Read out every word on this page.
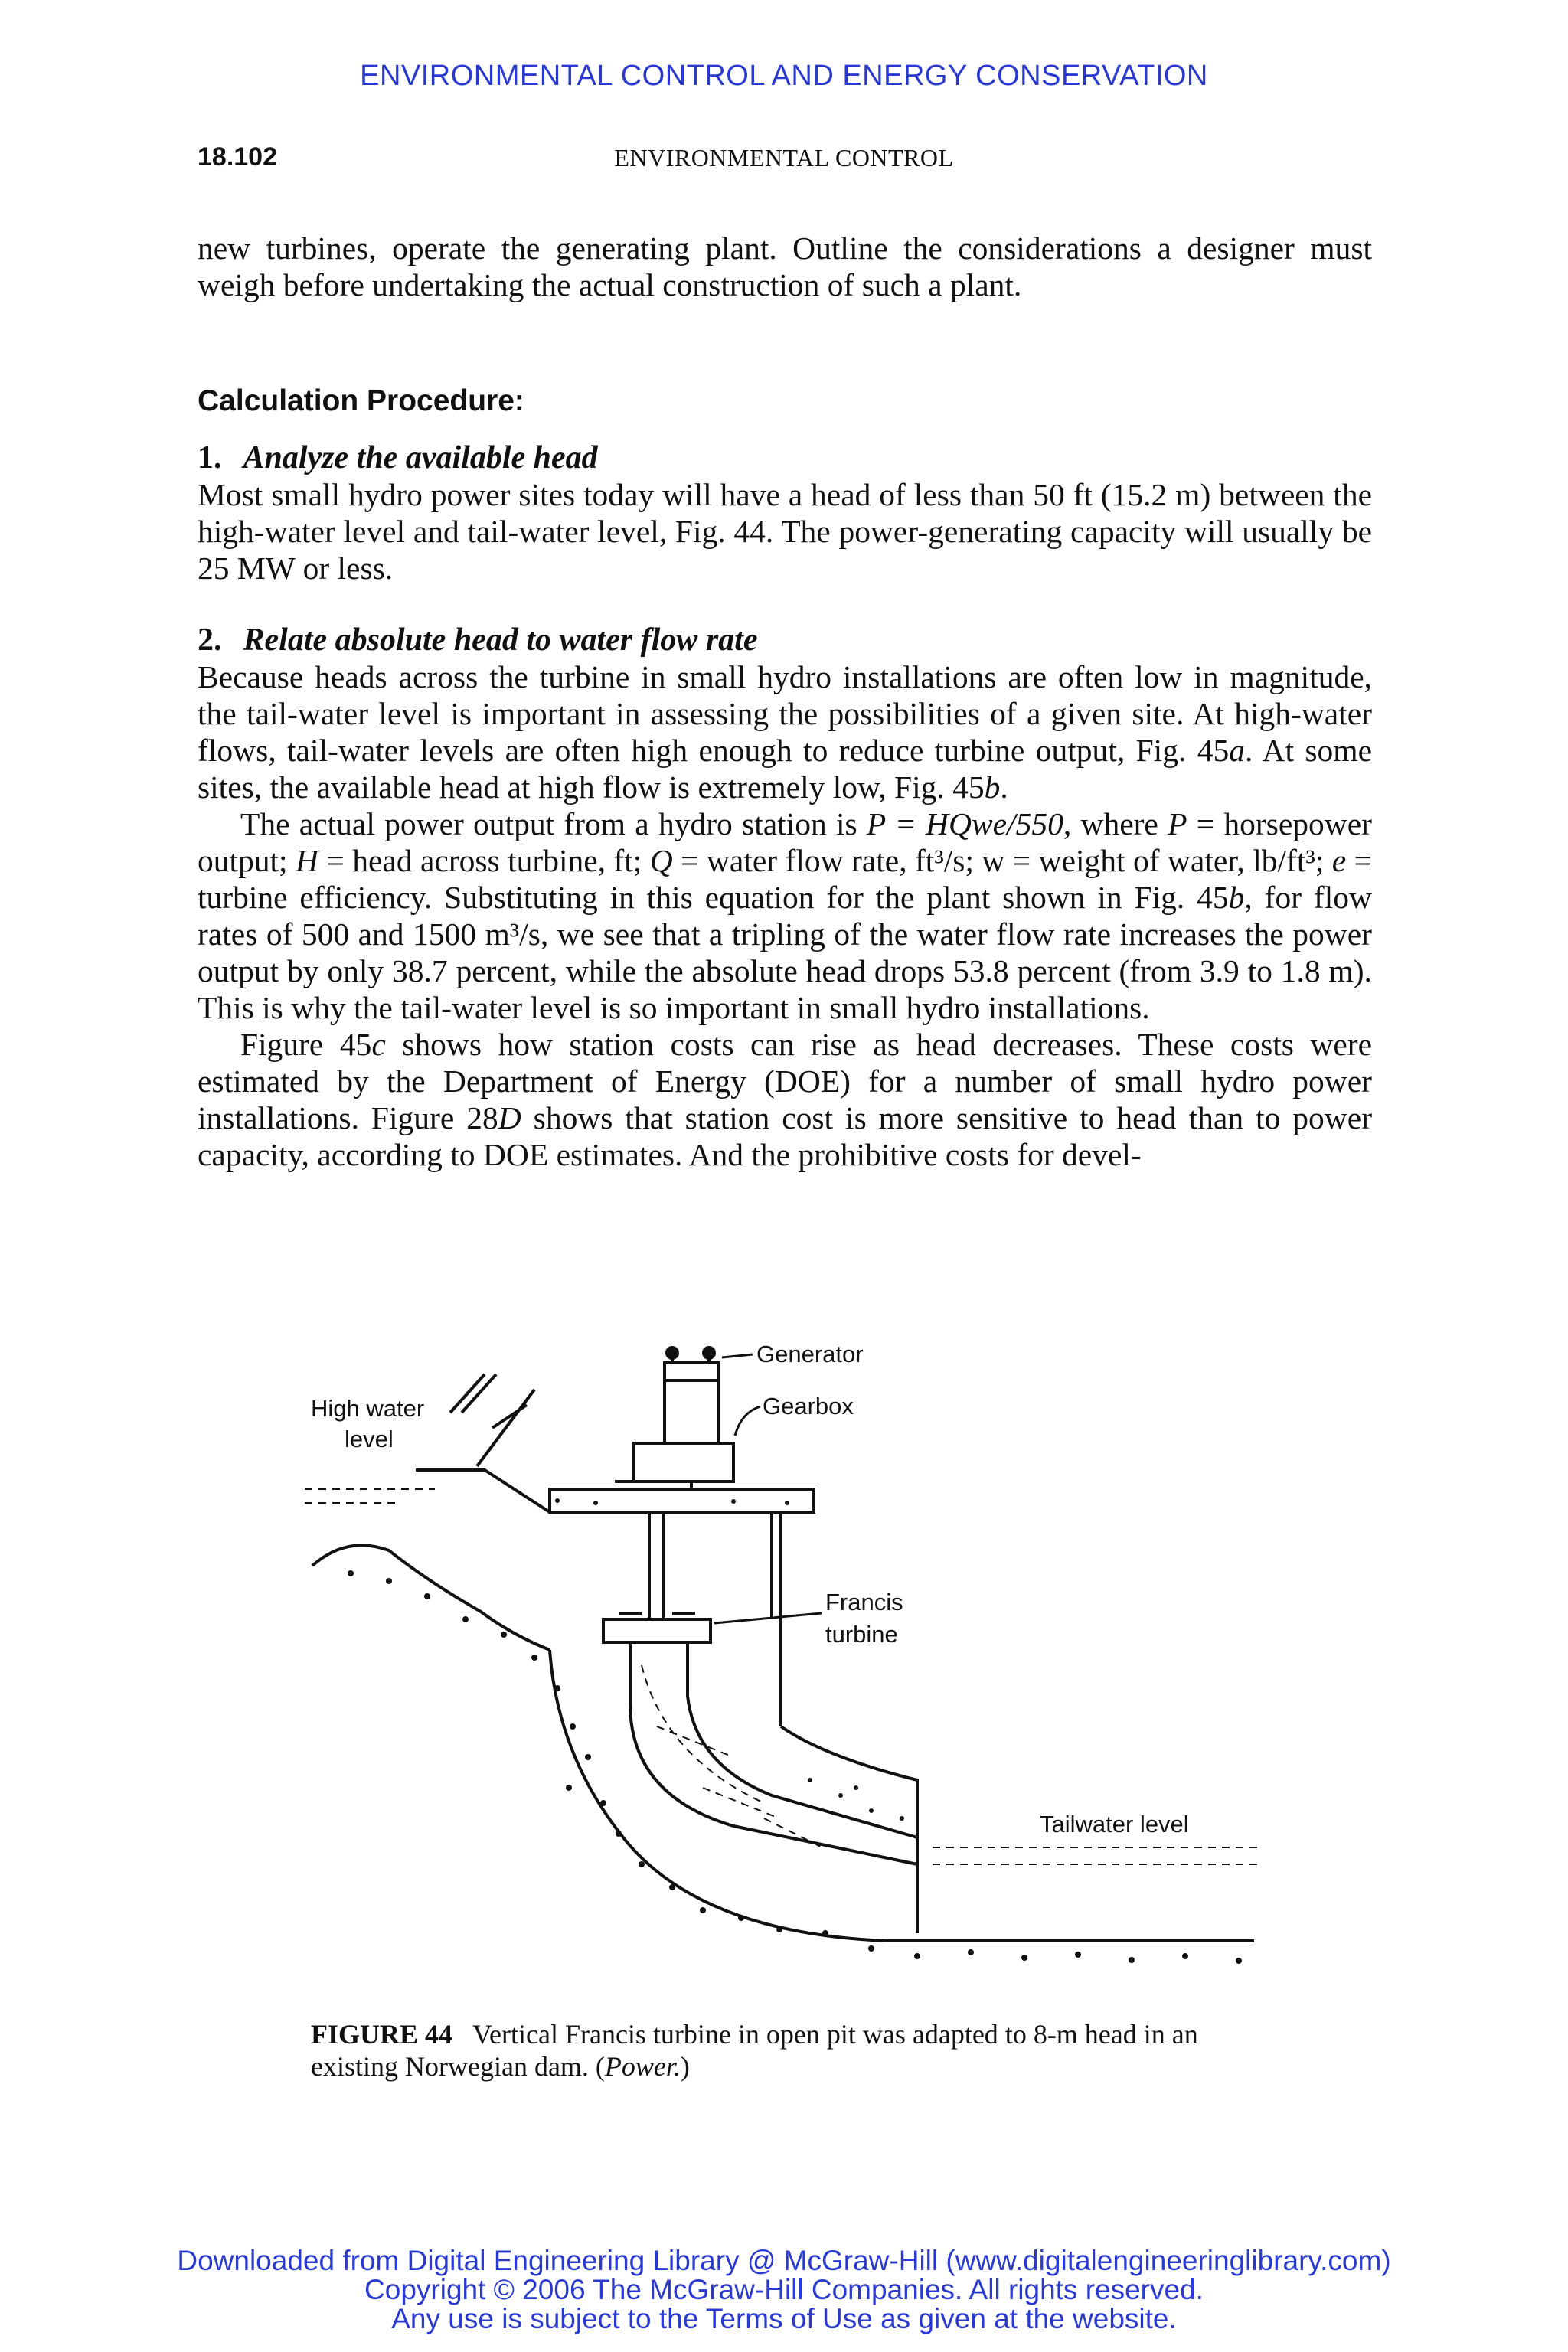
ENVIRONMENTAL CONTROL AND ENERGY CONSERVATION
18.102	ENVIRONMENTAL CONTROL

new turbines, operate the generating plant. Outline the considerations a designer must weigh before undertaking the actual construction of such a plant.

Calculation Procedure:
1. Analyze the available head

Most small hydro power sites today will have a head of less than 50 ft (15.2 m) between the high-water level and tail-water level, Fig. 44. The power-generating capacity will usually be 25 MW or less.

2. Relate absolute head to water flow rate

Because heads across the turbine in small hydro installations are often low in magnitude, the tail-water level is important in assessing the possibilities of a given site. At high-water flows, tail-water levels are often high enough to reduce turbine output, Fig. 45a. At some sites, the available head at high flow is extremely low, Fig. 45b.

The actual power output from a hydro station is P = HQwe/550, where P = horsepower output; H = head across turbine, ft; Q = water flow rate, ft³/s; w = weight of water, lb/ft³; e = turbine efficiency. Substituting in this equation for the plant shown in Fig. 45b, for flow rates of 500 and 1500 m³/s, we see that a tripling of the water flow rate increases the power output by only 38.7 percent, while the absolute head drops 53.8 percent (from 3.9 to 1.8 m). This is why the tail-water level is so important in small hydro installations.

Figure 45c shows how station costs can rise as head decreases. These costs were estimated by the Department of Energy (DOE) for a number of small hydro power installations. Figure 28D shows that station cost is more sensitive to head than to power capacity, according to DOE estimates. And the prohibitive costs for devel-

Generator
Gearbox
High water
level
Francis
turbine
Tailwater level
FIGURE 44 Vertical Francis turbine in open pit was adapted to 8-m head in an existing Norwegian dam. (Power.)
Downloaded from Digital Engineering Library @ McGraw-Hill (www.digitalengineeringlibrary.com)
Copyright © 2006 The McGraw-Hill Companies. All rights reserved.
Any use is subject to the Terms of Use as given at the website.
